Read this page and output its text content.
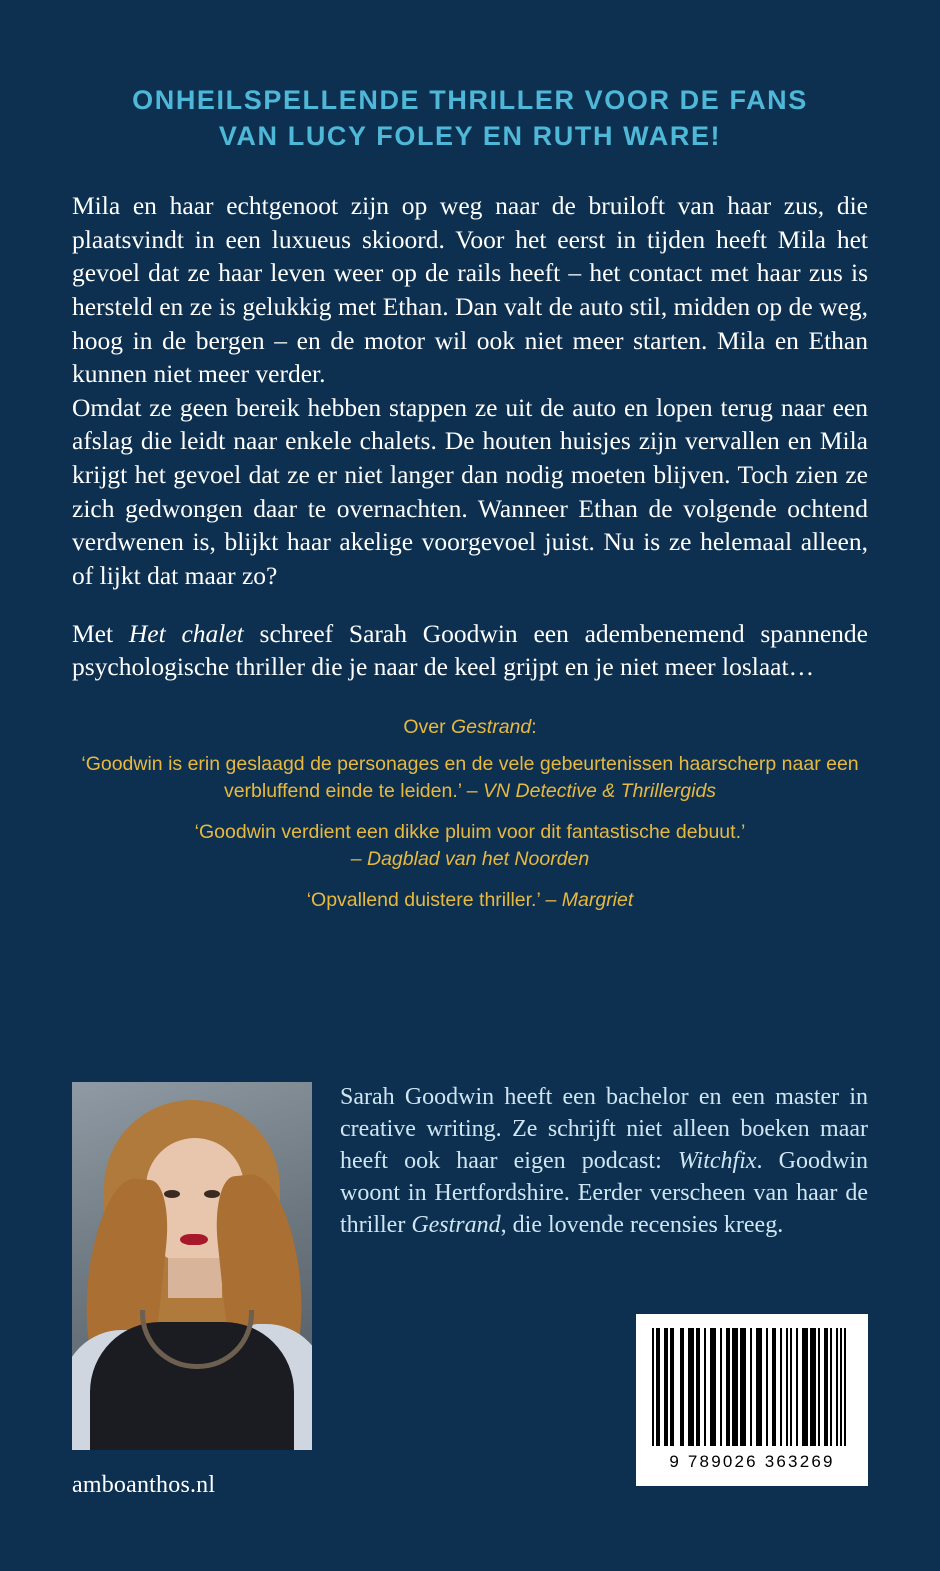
ONHEILSPELLENDE THRILLER VOOR DE FANS
VAN LUCY FOLEY EN RUTH WARE!

Mila en haar echtgenoot zijn op weg naar de bruiloft van haar zus, die plaatsvindt in een luxueus skioord. Voor het eerst in tijden heeft Mila het gevoel dat ze haar leven weer op de rails heeft – het contact met haar zus is hersteld en ze is gelukkig met Ethan. Dan valt de auto stil, midden op de weg, hoog in de bergen – en de motor wil ook niet meer starten. Mila en Ethan kunnen niet meer verder.

Omdat ze geen bereik hebben stappen ze uit de auto en lopen terug naar een afslag die leidt naar enkele chalets. De houten huisjes zijn vervallen en Mila krijgt het gevoel dat ze er niet langer dan nodig moeten blijven. Toch zien ze zich gedwongen daar te overnachten. Wanneer Ethan de volgende ochtend verdwenen is, blijkt haar akelige voorgevoel juist. Nu is ze helemaal alleen, of lijkt dat maar zo?

Met Het chalet schreef Sarah Goodwin een adembenemend spannende psychologische thriller die je naar de keel grijpt en je niet meer loslaat…

Over Gestrand:
‘Goodwin is erin geslaagd de personages en de vele gebeurtenissen haarscherp naar een verbluffend einde te leiden.’ – VN Detective & Thrillergids
‘Goodwin verdient een dikke pluim voor dit fantastische debuut.’
– Dagblad van het Noorden
‘Opvallend duistere thriller.’ – Margriet
Sarah Goodwin heeft een bachelor en een master in creative writing. Ze schrijft niet alleen boeken maar heeft ook haar eigen podcast: Witchfix. Goodwin woont in Hertfordshire. Eerder verscheen van haar de thriller Gestrand, die lovende recensies kreeg.
amboanthos.nl
9 789026 363269
